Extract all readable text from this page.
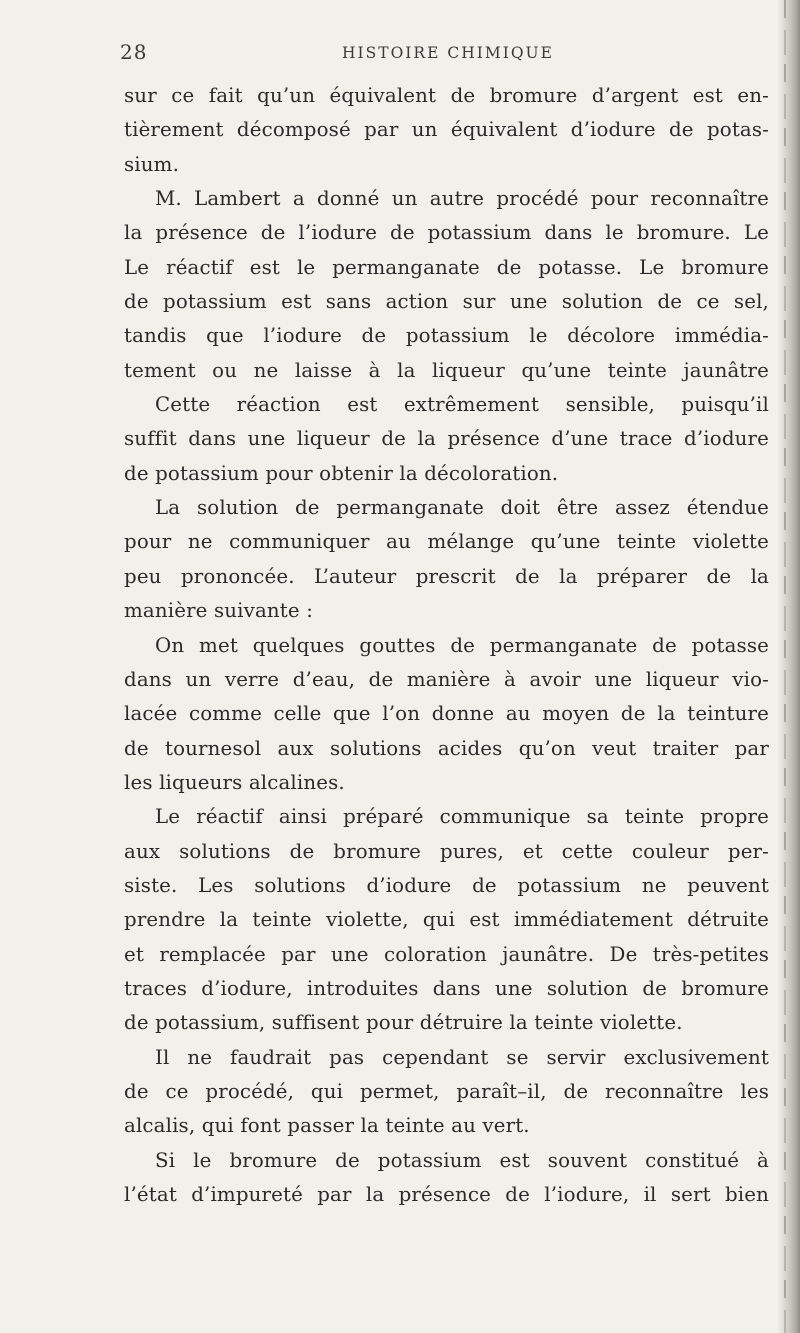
28	HISTOIRE CHIMIQUE
sur ce fait qu’un équivalent de bromure d’argent est en-
tièrement décomposé par un équivalent d’iodure de potas-
sium.
M. Lambert a donné un autre procédé pour reconnaître
la présence de l’iodure de potassium dans le bromure. Le
Le réactif est le permanganate de potasse. Le bromure
de potassium est sans action sur une solution de ce sel,
tandis que l’iodure de potassium le décolore immédia-
tement ou ne laisse à la liqueur qu’une teinte jaunâtre
Cette réaction est extrêmement sensible, puisqu’il
suffit dans une liqueur de la présence d’une trace d’iodure
de potassium pour obtenir la décoloration.
La solution de permanganate doit être assez étendue
pour ne communiquer au mélange qu’une teinte violette
peu prononcée. L’auteur prescrit de la préparer de la
manière suivante :
On met quelques gouttes de permanganate de potasse
dans un verre d’eau, de manière à avoir une liqueur vio-
lacée comme celle que l’on donne au moyen de la teinture
de tournesol aux solutions acides qu’on veut traiter par
les liqueurs alcalines.
Le réactif ainsi préparé communique sa teinte propre
aux solutions de bromure pures, et cette couleur per-
siste. Les solutions d’iodure de potassium ne peuvent
prendre la teinte violette, qui est immédiatement détruite
et remplacée par une coloration jaunâtre. De très-petites
traces d’iodure, introduites dans une solution de bromure
de potassium, suffisent pour détruire la teinte violette.
Il ne faudrait pas cependant se servir exclusivement
de ce procédé, qui permet, paraît–il, de reconnaître les
alcalis, qui font passer la teinte au vert.
Si le bromure de potassium est souvent constitué à
l’état d’impureté par la présence de l’iodure, il sert bien
